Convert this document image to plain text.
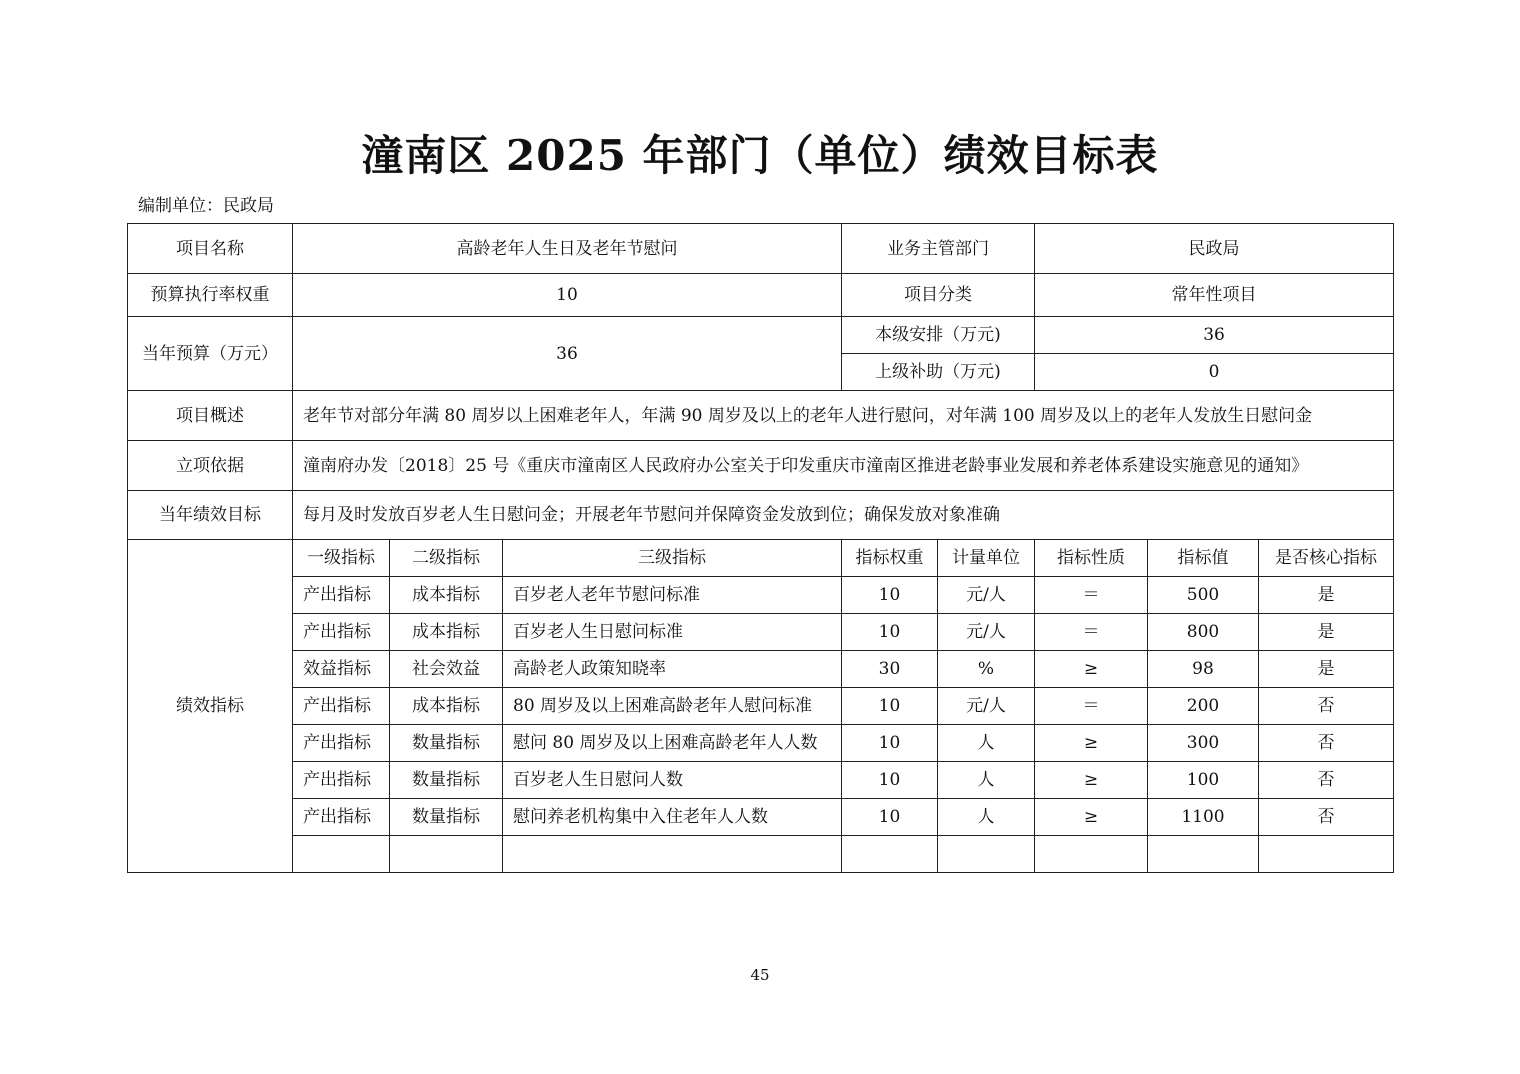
潼南区 2025 年部门（单位）绩效目标表
编制单位：民政局
项目名称	高龄老年人生日及老年节慰问			业务主管部门		民政局		
预算执行率权重	10			项目分类		常年性项目		
当年预算（万元）	36			本级安排（万元)		36		
				上级补助（万元)		0		
项目概述	老年节对部分年满 80 周岁以上困难老年人，年满 90 周岁及以上的老年人进行慰问，对年满 100 周岁及以上的老年人发放生日慰问金							
立项依据	潼南府办发〔2018〕25 号《重庆市潼南区人民政府办公室关于印发重庆市潼南区推进老龄事业发展和养老体系建设实施意见的通知》							
当年绩效目标	每月及时发放百岁老人生日慰问金；开展老年节慰问并保障资金发放到位；确保发放对象准确							
绩效指标	一级指标	二级指标	三级指标	指标权重	计量单位	指标性质	指标值	是否核心指标
	产出指标	成本指标	百岁老人老年节慰问标准	10	元/人	＝	500	是
	产出指标	成本指标	百岁老人生日慰问标准	10	元/人	＝	800	是
	效益指标	社会效益	高龄老人政策知晓率	30	%	≥	98	是
	产出指标	成本指标	80 周岁及以上困难高龄老年人慰问标准	10	元/人	＝	200	否
	产出指标	数量指标	慰问 80 周岁及以上困难高龄老年人人数	10	人	≥	300	否
	产出指标	数量指标	百岁老人生日慰问人数	10	人	≥	100	否
	产出指标	数量指标	慰问养老机构集中入住老年人人数	10	人	≥	1100	否

45
